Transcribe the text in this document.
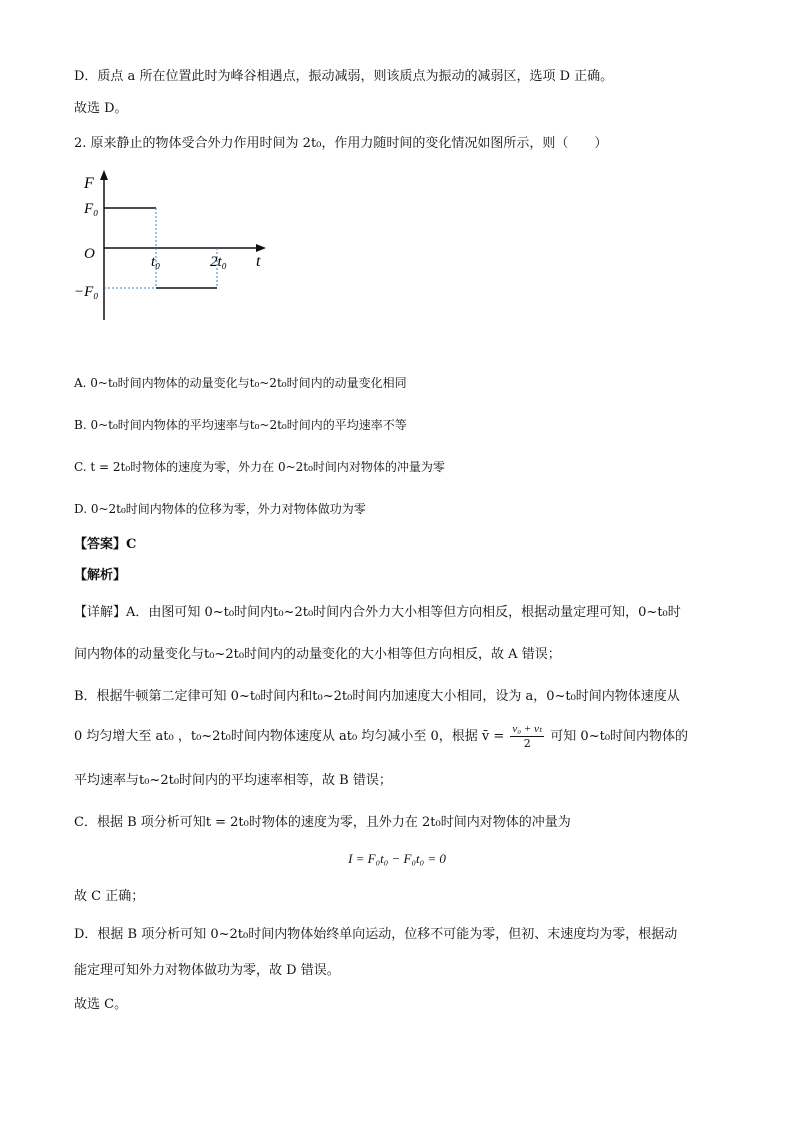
D．质点 a 所在位置此时为峰谷相遇点，振动减弱，则该质点为振动的减弱区，选项 D 正确。
故选 D。
2. 原来静止的物体受合外力作用时间为 2t₀，作用力随时间的变化情况如图所示，则（　　）
F
F₀
O
−F₀
t₀	2t₀ t
A. 0~t₀时间内物体的动量变化与t₀~2t₀时间内的动量变化相同
B. 0~t₀时间内物体的平均速率与t₀~2t₀时间内的平均速率不等
C. t = 2t₀时物体的速度为零，外力在 0~2t₀时间内对物体的冲量为零
D. 0~2t₀时间内物体的位移为零，外力对物体做功为零
【答案】C
【解析】
【详解】A．由图可知 0~t₀时间内t₀~2t₀时间内合外力大小相等但方向相反，根据动量定理可知，0~t₀时
间内物体的动量变化与t₀~2t₀时间内的动量变化的大小相等但方向相反，故 A 错误；
B．根据牛顿第二定律可知 0~t₀时间内和t₀~2t₀时间内加速度大小相同，设为 a，0~t₀时间内物体速度从
0 均匀增大至 at₀ ，t₀~2t₀时间内物体速度从 at₀ 均匀减小至 0，根据 v̄ = $\frac{\text{v₀ + vₜ}}{2}$ 可知 0~t₀时间内物体的
平均速率与t₀~2t₀时间内的平均速率相等，故 B 错误；
C．根据 B 项分析可知t = 2t₀时物体的速度为零，且外力在 2t₀时间内对物体的冲量为
I = F₀t₀ − F₀t₀ = 0
故 C 正确；
D．根据 B 项分析可知 0~2t₀时间内物体始终单向运动，位移不可能为零，但初、末速度均为零，根据动
能定理可知外力对物体做功为零，故 D 错误。
故选 C。
